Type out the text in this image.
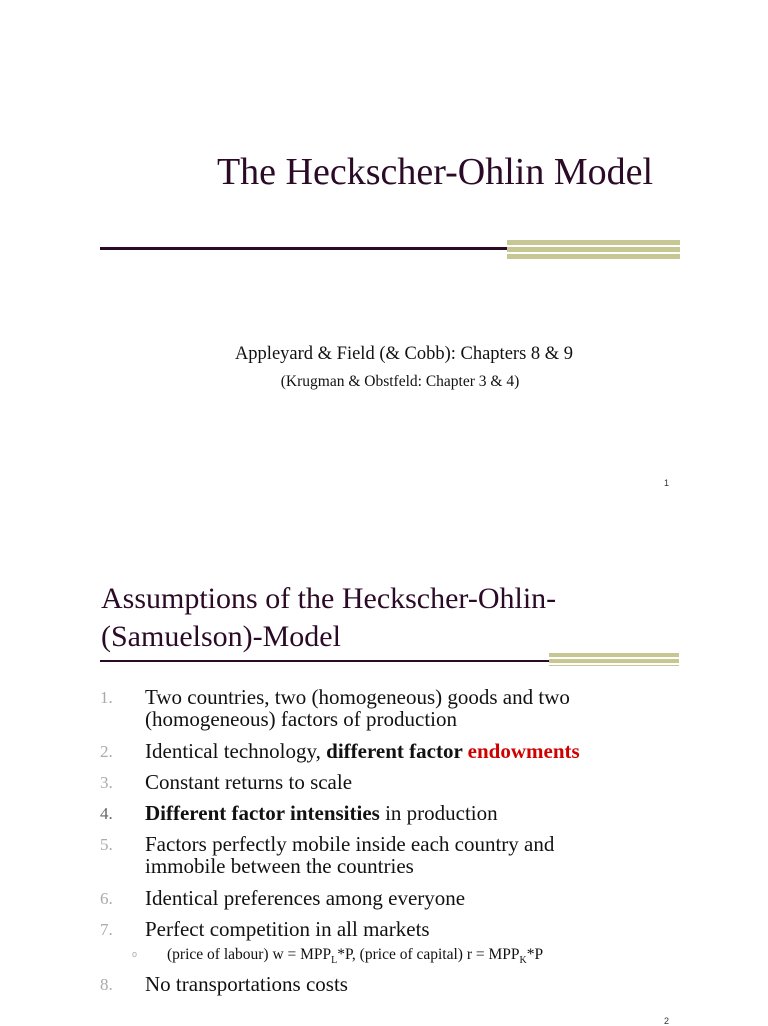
The Heckscher-Ohlin Model
Appleyard & Field (& Cobb): Chapters 8 & 9
(Krugman & Obstfeld: Chapter 3 & 4)
1
Assumptions of the Heckscher-Ohlin-
(Samuelson)-Model
1.	Two countries, two (homogeneous) goods and two
(homogeneous) factors of production
2.	Identical technology, different factor endowments
3.	Constant returns to scale
4.	Different factor intensities in production
5.	Factors perfectly mobile inside each country and
immobile between the countries
6.	Identical preferences among everyone
7.	Perfect competition in all markets
o (price of labour) $w = MPP_L*P$, (price of capital) $r = MPP_K*P$
8.	No transportations costs
2
